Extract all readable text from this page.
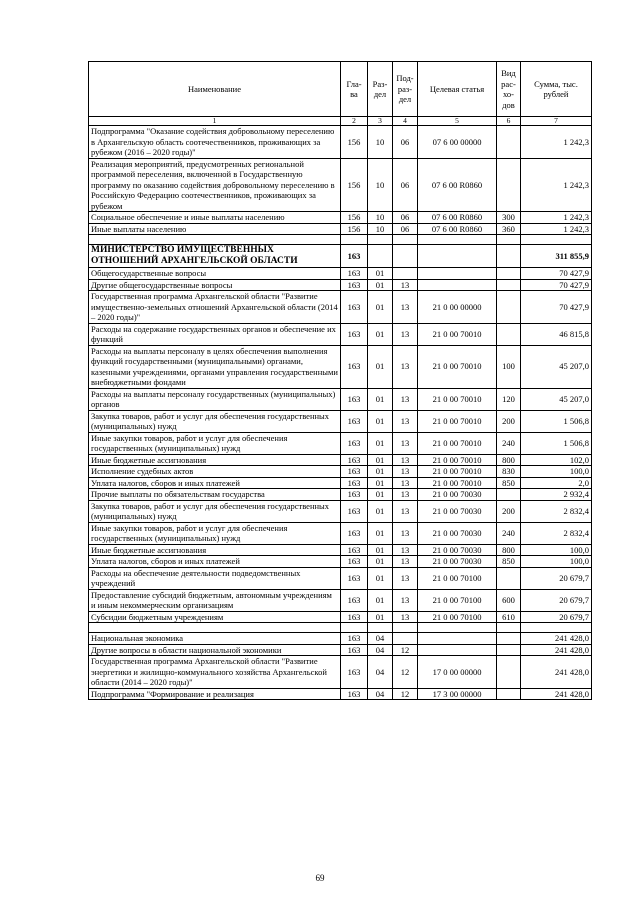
Наименование	Гла-ва	Раз-дел	Под-раз-дел	Целевая статья	Вид рас-хо-дов	Сумма, тыс. рублей
1	2	3	4	5	6	7
Подпрограмма "Оказание содействия добровольному переселению в Архангельскую область соотечественников, проживающих за рубежом (2016 – 2020 годы)"	156	10	06	07 6 00 00000		1 242,3
Реализация мероприятий, предусмотренных региональной программой переселения, включенной в Государственную программу по оказанию содействия добровольному переселению в Российскую Федерацию соотечественников, проживающих за рубежом	156	10	06	07 6 00 R0860		1 242,3
Социальное обеспечение и иные выплаты населению	156	10	06	07 6 00 R0860	300	1 242,3
Иные выплаты населению	156	10	06	07 6 00 R0860	360	1 242,3

МИНИСТЕРСТВО ИМУЩЕСТВЕННЫХ ОТНОШЕНИЙ АРХАНГЕЛЬСКОЙ ОБЛАСТИ	163					311 855,9
Общегосударственные вопросы	163	01				70 427,9
Другие общегосударственные вопросы	163	01	13			70 427,9
Государственная программа Архангельской области "Развитие имущественно-земельных отношений Архангельской области (2014 – 2020 годы)"	163	01	13	21 0 00 00000		70 427,9
Расходы на содержание государственных органов и обеспечение их функций	163	01	13	21 0 00 70010		46 815,8
Расходы на выплаты персоналу в целях обеспечения выполнения функций государственными (муниципальными) органами, казенными учреждениями, органами управления государственными внебюджетными фондами	163	01	13	21 0 00 70010	100	45 207,0
Расходы на выплаты персоналу государственных (муниципальных) органов	163	01	13	21 0 00 70010	120	45 207,0
Закупка товаров, работ и услуг для обеспечения государственных (муниципальных) нужд	163	01	13	21 0 00 70010	200	1 506,8
Иные закупки товаров, работ и услуг для обеспечения государственных (муниципальных) нужд	163	01	13	21 0 00 70010	240	1 506,8
Иные бюджетные ассигнования	163	01	13	21 0 00 70010	800	102,0
Исполнение судебных актов	163	01	13	21 0 00 70010	830	100,0
Уплата налогов, сборов и иных платежей	163	01	13	21 0 00 70010	850	2,0
Прочие выплаты по обязательствам государства	163	01	13	21 0 00 70030		2 932,4
Закупка товаров, работ и услуг для обеспечения государственных (муниципальных) нужд	163	01	13	21 0 00 70030	200	2 832,4
Иные закупки товаров, работ и услуг для обеспечения государственных (муниципальных) нужд	163	01	13	21 0 00 70030	240	2 832,4
Иные бюджетные ассигнования	163	01	13	21 0 00 70030	800	100,0
Уплата налогов, сборов и иных платежей	163	01	13	21 0 00 70030	850	100,0
Расходы на обеспечение деятельности подведомственных учреждений	163	01	13	21 0 00 70100		20 679,7
Предоставление субсидий бюджетным, автономным учреждениям и иным некоммерческим организациям	163	01	13	21 0 00 70100	600	20 679,7
Субсидии бюджетным учреждениям	163	01	13	21 0 00 70100	610	20 679,7

Национальная экономика	163	04				241 428,0
Другие вопросы в области национальной экономики	163	04	12			241 428,0
Государственная программа Архангельской области "Развитие энергетики и жилищно-коммунального хозяйства Архангельской области (2014 – 2020 годы)"	163	04	12	17 0 00 00000		241 428,0
Подпрограмма "Формирование и реализация	163	04	12	17 3 00 00000		241 428,0
69
